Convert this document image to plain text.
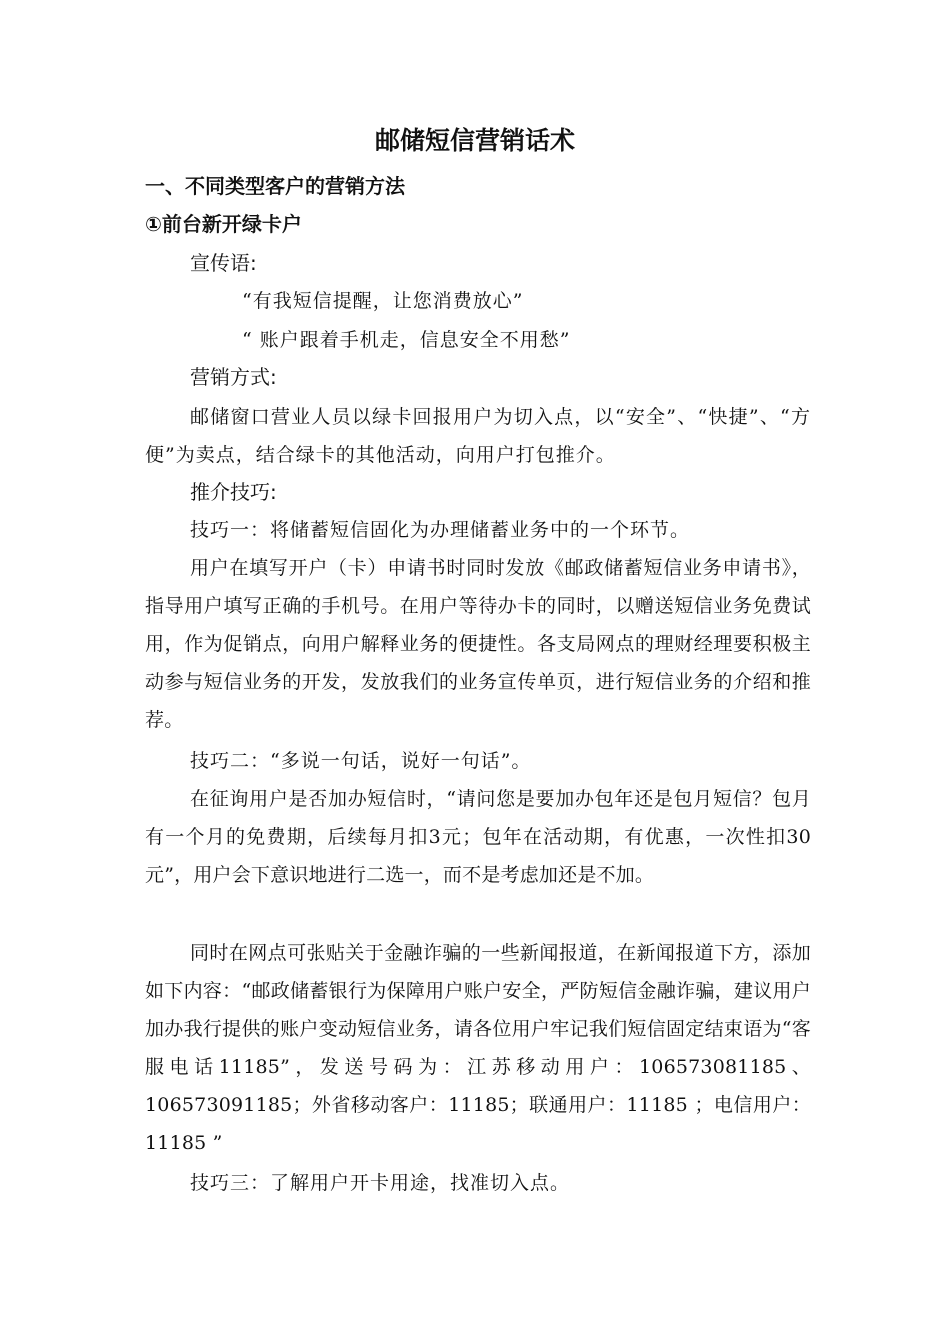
邮储短信营销话术

一、不同类型客户的营销方法

①前台新开绿卡户

宣传语:

“有我短信提醒，让您消费放心”

“ 账户跟着手机走，信息安全不用愁”

营销方式:

邮储窗口营业人员以绿卡回报用户为切入点，以“安全”、“快捷”、“方便”为卖点，结合绿卡的其他活动，向用户打包推介。

推介技巧:

技巧一：将储蓄短信固化为办理储蓄业务中的一个环节。

用户在填写开户（卡）申请书时同时发放《邮政储蓄短信业务申请书》，指导用户填写正确的手机号。在用户等待办卡的同时，以赠送短信业务免费试用，作为促销点，向用户解释业务的便捷性。各支局网点的理财经理要积极主动参与短信业务的开发，发放我们的业务宣传单页，进行短信业务的介绍和推荐。

技巧二：“多说一句话，说好一句话”。

在征询用户是否加办短信时，“请问您是要加办包年还是包月短信？包月有一个月的免费期，后续每月扣3元；包年在活动期，有优惠，一次性扣30元”，用户会下意识地进行二选一，而不是考虑加还是不加。

同时在网点可张贴关于金融诈骗的一些新闻报道，在新闻报道下方，添加如下内容：“邮政储蓄银行为保障用户账户安全，严防短信金融诈骗，建议用户加办我行提供的账户变动短信业务，请各位用户牢记我们短信固定结束语为“客服电话11185”，发送号码为：江苏移动用户：106573081185、106573091185；外省移动客户：11185；联通用户：11185 ；电信用户：11185 ”

技巧三：了解用户开卡用途，找准切入点。
